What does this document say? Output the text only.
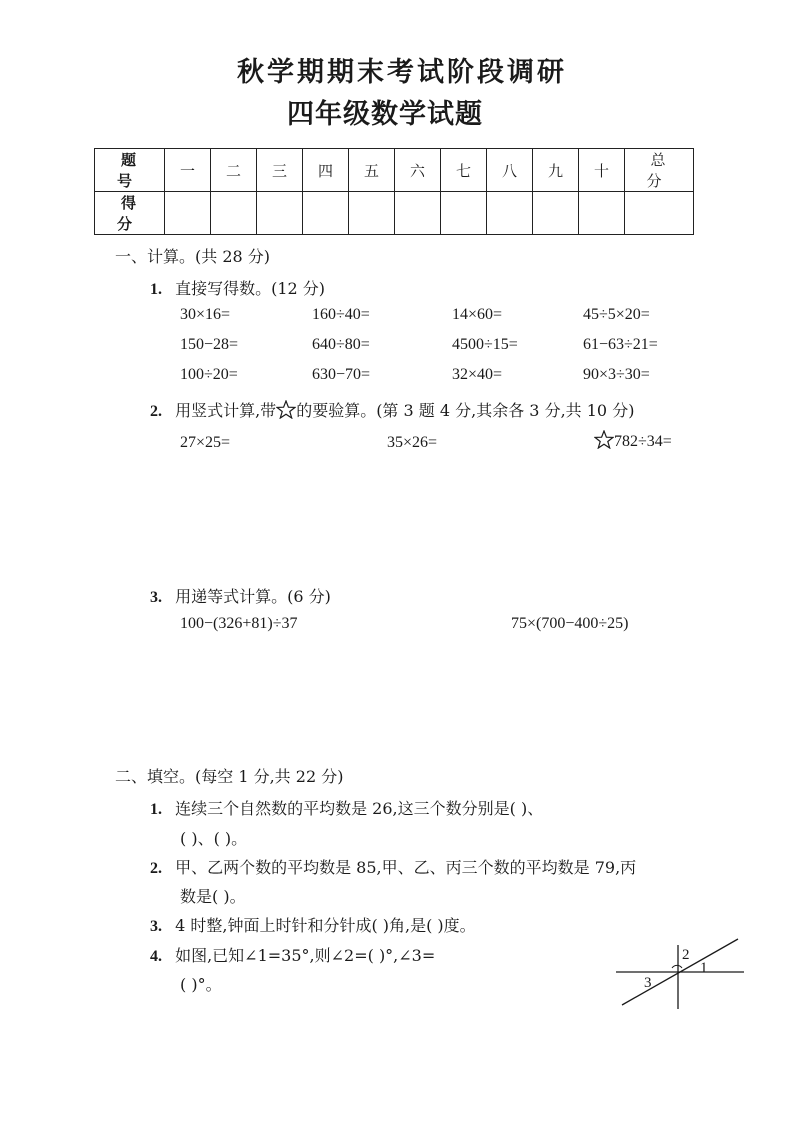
秋学期期末考试阶段调研
四年级数学试题
题 号	一	二	三	四	五	六	七	八	九	十	总 分
得 分											
一、计算。(共 28 分)
1. 直接写得数。(12 分)
30×16=	160÷40=	14×60=	45÷5×20=
150−28=	640÷80=	4500÷15=	61−63÷21=
100÷20=	630−70=	32×40=	90×3÷30=
2. 用竖式计算,带 的要验算。(第 3 题 4 分,其余各 3 分,共 10 分)
27×25=	35×26=	782÷34=
3. 用递等式计算。(6 分)
100−(326+81)÷37	75×(700−400÷25)
二、填空。(每空 1 分,共 22 分)
1. 连续三个自然数的平均数是 26,这三个数分别是( )、
( )、( )。
2. 甲、乙两个数的平均数是 85,甲、乙、丙三个数的平均数是 79,丙
数是( )。
3. 4 时整,钟面上时针和分针成( )角,是( )度。
4. 如图,已知∠1=35°,则∠2=( )°,∠3=
( )°。
1
2
3
